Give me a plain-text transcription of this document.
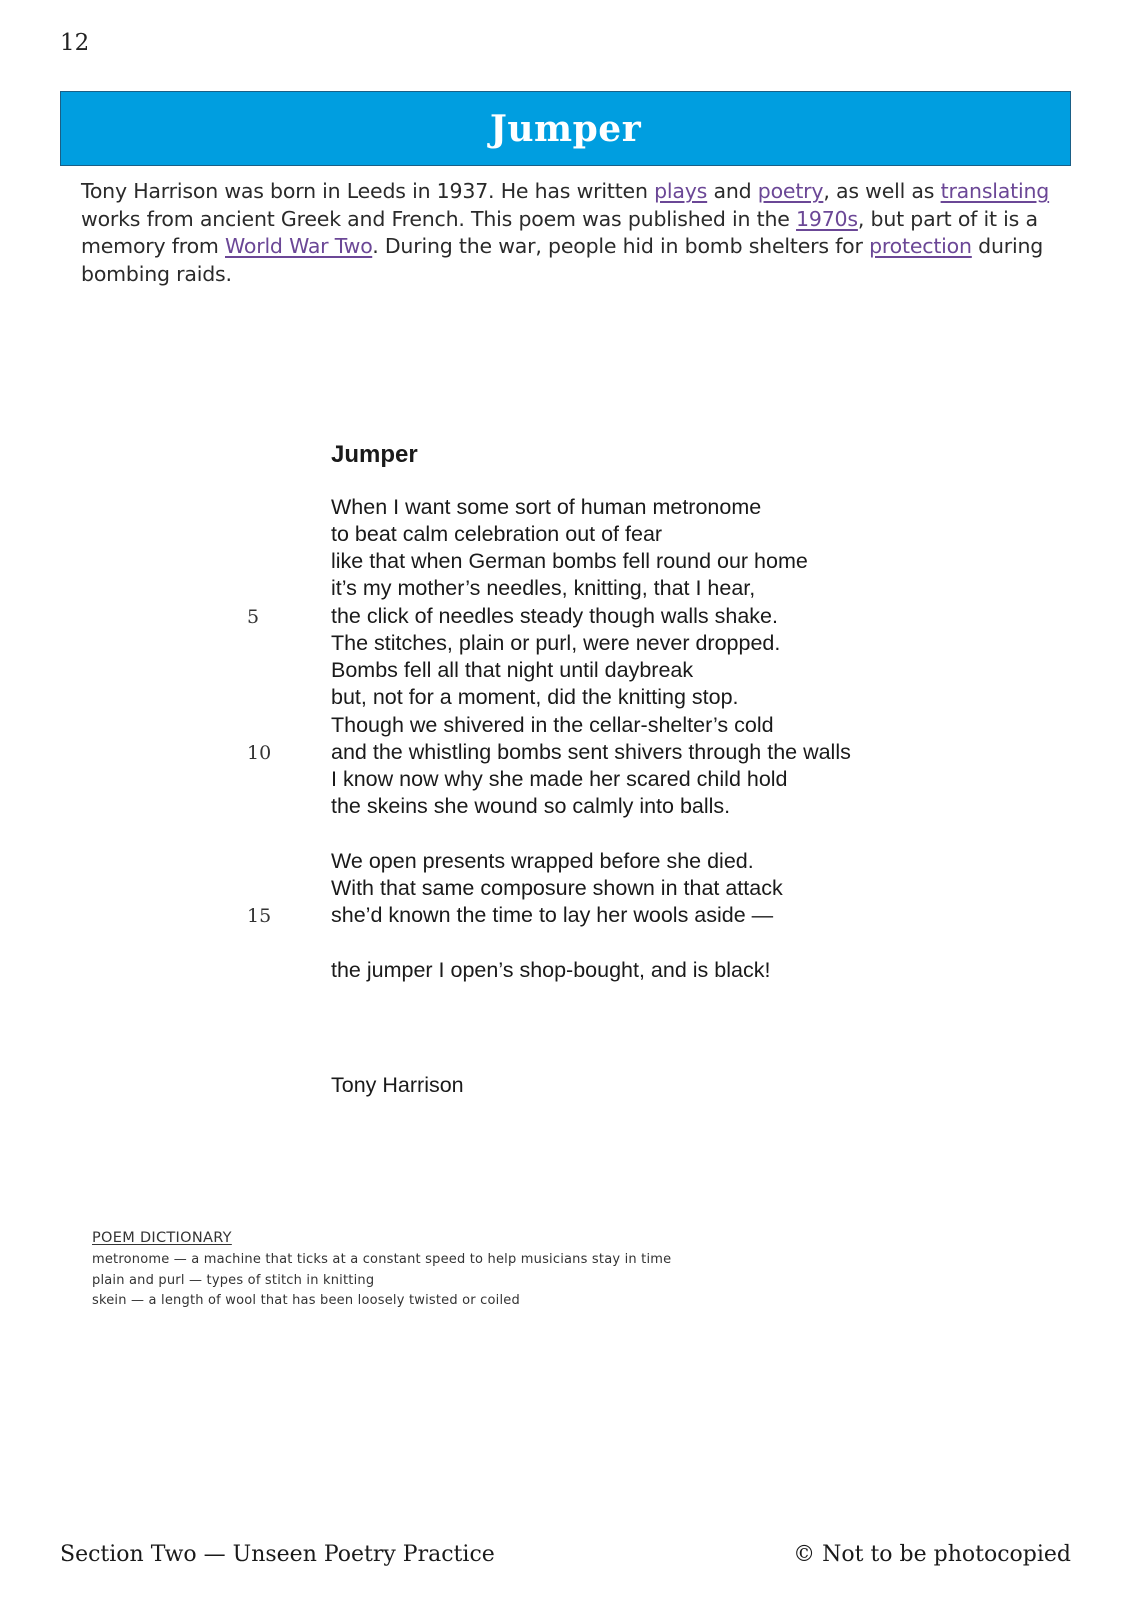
12
Jumper

Tony Harrison was born in Leeds in 1937. He has written plays and poetry, as well as translating works from ancient Greek and French. This poem was published in the 1970s, but part of it is a memory from World War Two. During the war, people hid in bomb shelters for protection during bombing raids.

Jumper
When I want some sort of human metronome
to beat calm celebration out of fear
like that when German bombs fell round our home
it’s my mother’s needles, knitting, that I hear,
the click of needles steady though walls shake.
The stitches, plain or purl, were never dropped.
Bombs fell all that night until daybreak
but, not for a moment, did the knitting stop.
Though we shivered in the cellar-shelter’s cold
and the whistling bombs sent shivers through the walls
I know now why she made her scared child hold
the skeins she wound so calmly into balls.
We open presents wrapped before she died.
With that same composure shown in that attack
she’d known the time to lay her wools aside —
the jumper I open’s shop-bought, and is black!
5
10
15
Tony Harrison
POEM DICTIONARY
metronome — a machine that ticks at a constant speed to help musicians stay in time
plain and purl — types of stitch in knitting
skein — a length of wool that has been loosely twisted or coiled
Section Two — Unseen Poetry Practice	© Not to be photocopied
